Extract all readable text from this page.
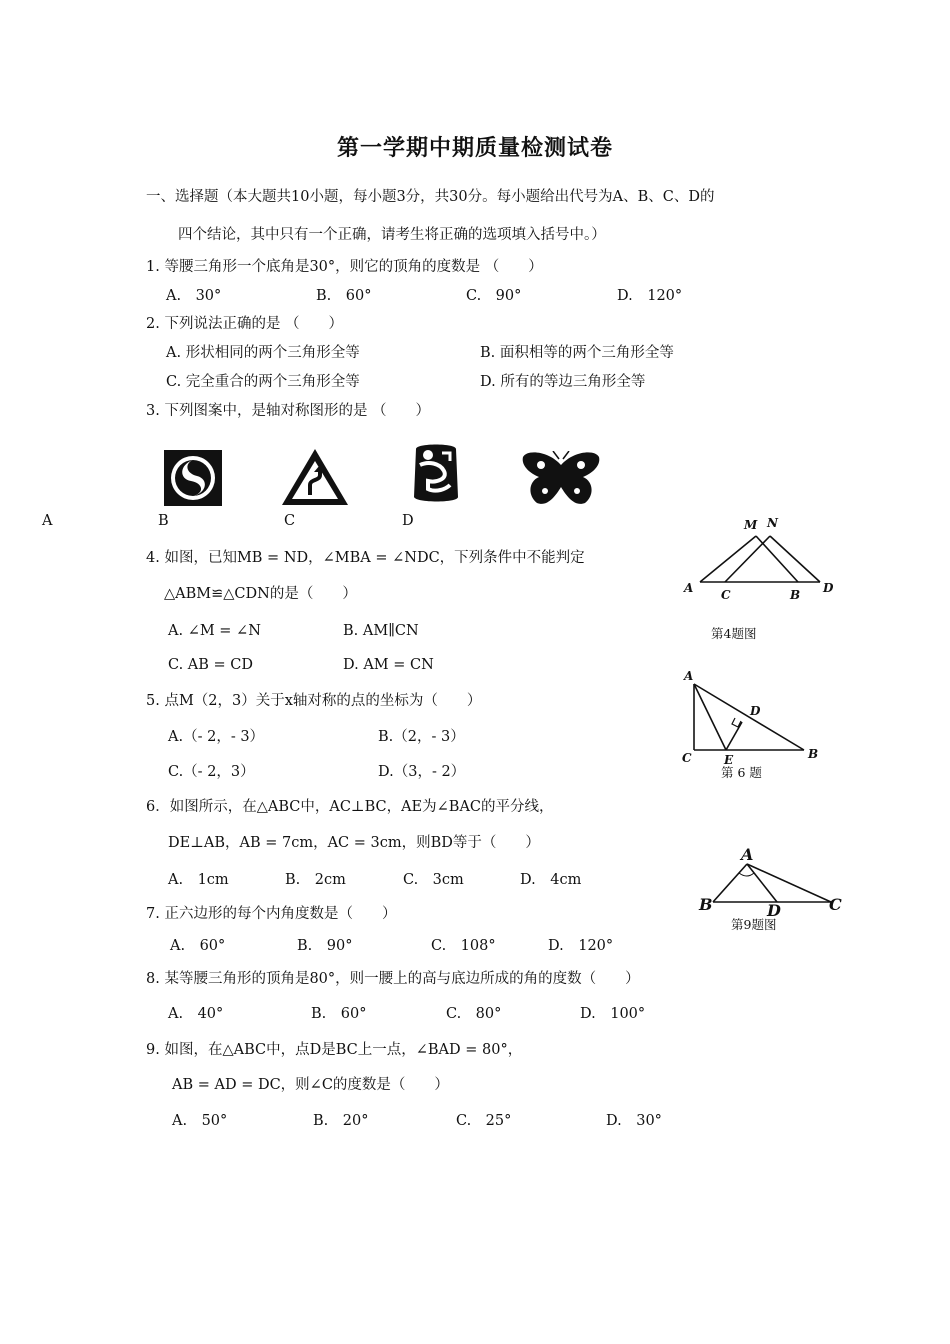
第一学期中期质量检测试卷
一、选择题（本大题共10小题，每小题3分，共30分。每小题给出代号为A、B、C、D的
四个结论，其中只有一个正确，请考生将正确的选项填入括号中。）
1. 等腰三角形一个底角是30°，则它的顶角的度数是 （　　）
A.　30°	B.　60°	C.　90°	D.　120°
2. 下列说法正确的是 （　　）
A. 形状相同的两个三角形全等	B. 面积相等的两个三角形全等
C. 完全重合的两个三角形全等	D. 所有的等边三角形全等
3. 下列图案中，是轴对称图形的是 （　　）
A	B	C	D
4. 如图，已知MB = ND，∠MBA = ∠NDC，下列条件中不能判定
△ABM≌△CDN的是（　　）
A. ∠M = ∠N	B. AM∥CN
C. AB = CD	D. AM = CN
M N
A C	B D
第4题图
5. 点M（2，3）关于x轴对称的点的坐标为（　　）
A.（- 2，- 3）	B.（2，- 3）
C.（- 2，3）	D.（3，- 2）
A
D
C	E	B
第 6 题
6．如图所示，在△ABC中，AC⊥BC，AE为∠BAC的平分线，
DE⊥AB，AB = 7cm，AC = 3cm，则BD等于（　　）
A.　1cm	B.　2cm	C.　3cm	D.　4cm
A
B	D	C
第9题图
7. 正六边形的每个内角度数是（　　）
A.　60°	B.　90°	C.　108°	D.　120°
8. 某等腰三角形的顶角是80°，则一腰上的高与底边所成的角的度数（　　）
A.　40°	B.　60°	C.　80°	D.　100°
9. 如图，在△ABC中，点D是BC上一点，∠BAD = 80°，
AB = AD = DC，则∠C的度数是（　　）
A.　50°	B.　20°	C.　25°	D.　30°
